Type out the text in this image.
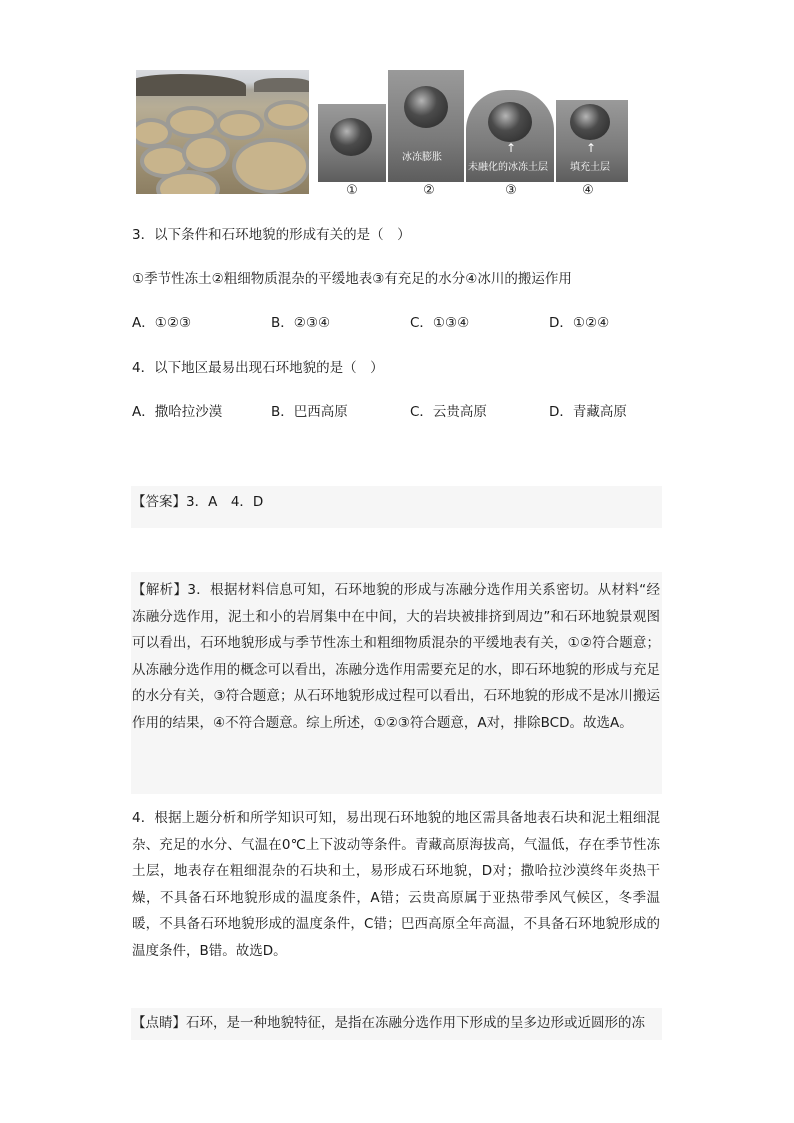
冰冻膨胀
↑
未融化的冰冻土层
↑
填充土层
①	②	③	④
3．以下条件和石环地貌的形成有关的是（　）
①季节性冻土②粗细物质混杂的平缓地表③有充足的水分④冰川的搬运作用
A．①②③	B．②③④	C．①③④	D．①②④
4．以下地区最易出现石环地貌的是（　）
A．撒哈拉沙漠	B．巴西高原	C．云贵高原	D．青藏高原
【答案】3．A　4．D

【解析】3．根据材料信息可知，石环地貌的形成与冻融分选作用关系密切。从材料“经冻融分选作用，泥土和小的岩屑集中在中间，大的岩块被排挤到周边”和石环地貌景观图可以看出，石环地貌形成与季节性冻土和粗细物质混杂的平缓地表有关，①②符合题意；从冻融分选作用的概念可以看出，冻融分选作用需要充足的水，即石环地貌的形成与充足的水分有关，③符合题意；从石环地貌形成过程可以看出，石环地貌的形成不是冰川搬运作用的结果，④不符合题意。综上所述，①②③符合题意，A对，排除BCD。故选A。

4．根据上题分析和所学知识可知，易出现石环地貌的地区需具备地表石块和泥土粗细混杂、充足的水分、气温在0℃上下波动等条件。青藏高原海拔高，气温低，存在季节性冻土层，地表存在粗细混杂的石块和土，易形成石环地貌，D对；撒哈拉沙漠终年炎热干燥，不具备石环地貌形成的温度条件，A错；云贵高原属于亚热带季风气候区，冬季温暖，不具备石环地貌形成的温度条件，C错；巴西高原全年高温，不具备石环地貌形成的温度条件，B错。故选D。

【点睛】石环，是一种地貌特征，是指在冻融分选作用下形成的呈多边形或近圆形的冻
